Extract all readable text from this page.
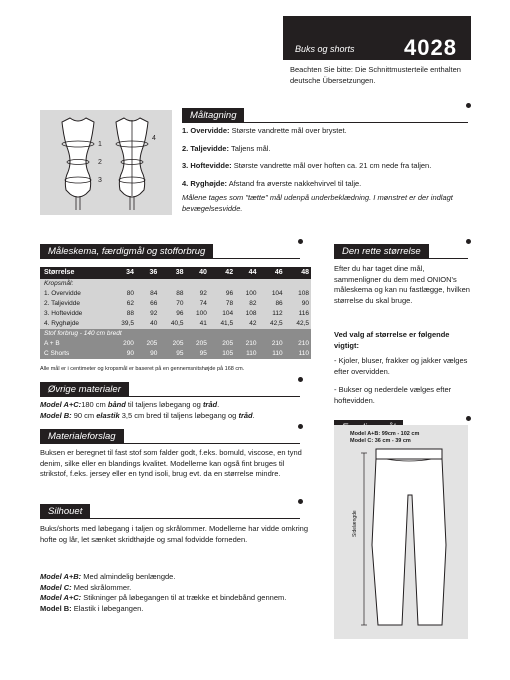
Buks og shorts 4028
Beachten Sie bitte: Die Schnittmusterteile enthalten deutsche Übersetzungen.
1
2
3
4
Måltagning
1. Overvidde: Største vandrette mål over brystet.
2. Taljevidde: Taljens mål.
3. Hoftevidde: Største vandrette mål over hoften ca. 21 cm nede fra taljen.
4. Ryghøjde: Afstand fra øverste nakkehvirvel til talje.
Målene tages som "tætte" mål udenpå underbeklædning. I mønstret er der indlagt bevægelsesvidde.
Måleskema, færdigmål og stofforbrug
Størrelse	34	36	38	40	42	44	46	48
Kropsmål:								
1. Overvidde	80	84	88	92	96	100	104	108
2. Taljevidde	62	66	70	74	78	82	86	90
3. Hoftevidde	88	92	96	100	104	108	112	116
4. Ryghøjde	39,5	40	40,5	41	41,5	42	42,5	42,5
Stof forbrug - 140 cm bredt								
A + B	200	205	205	205	205	210	210	210
C Shorts	90	90	95	95	105	110	110	110
Alle mål er i centimeter og kropsmål er baseret på en gennemsnitshøjde på 168 cm.
Øvrige materialer
Model A+C:180 cm bånd til taljens løbegang og tråd.
Model B: 90 cm elastik 3,5 cm bred til taljens løbegang og tråd.
Materialeforslag
Buksen er beregnet til fast stof som falder godt, f.eks. bomuld, viscose, en tynd denim, silke eller en blandings kvalitet. Modellerne kan også fint bruges til strikstof, f.eks. jersey eller en tynd isoli, brug evt. da en størrelse mindre.
Silhouet
Buks/shorts med løbegang i taljen og skrålommer. Modellerne har vidde omkring hofte og lår, let sænket skridthøjde og smal fodvidde forneden.
Model A+B: Med almindelig benlængde.
Model C: Med skrålommer.
Model A+C: Stikninger på løbegangen til at trække et bindebånd gennem. Model B: Elastik i løbegangen.
Den rette størrelse
Efter du har taget dine mål, sammenligner du dem med ONION's måleskema og kan nu fastlægge, hvilken størrelse du skal bruge.
Ved valg af størrelse er følgende vigtigt:
- Kjoler, bluser, frakker og jakker vælges efter overvidden.
- Bukser og nederdele vælges efter hoftevidden.
Model A+B: 99cm - 102 cm
Model C: 36 cm - 39 cm
Sidelængde
